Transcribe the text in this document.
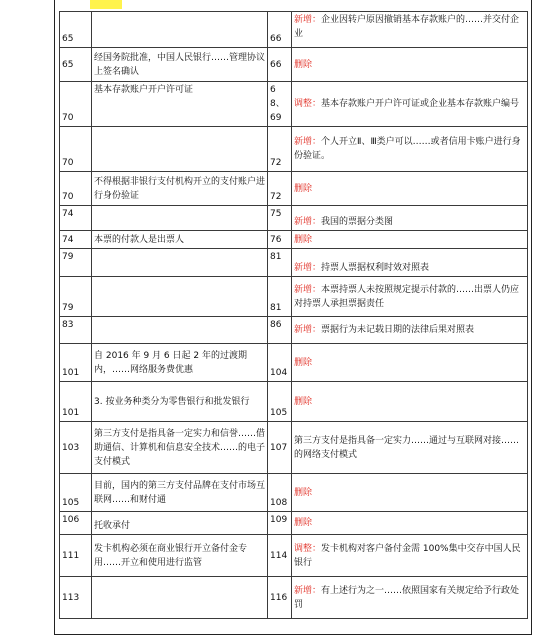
65		66	新增：企业因转户原因撤销基本存款账户的……并交付企业
65	经国务院批准，中国人民银行……管理协议上签名确认	66	删除
70	基本存款账户开户许可证	68、69	调整：基本存款账户开户许可证或企业基本存款账户编号
70		72	新增：个人开立Ⅱ、Ⅲ类户可以……或者信用卡账户进行身份验证。
70	不得根据非银行支付机构开立的支付账户进行身份验证	72	删除
74		75	新增：我国的票据分类图
74	本票的付款人是出票人	76	删除
79		81	新增：持票人票据权利时效对照表
79		81	新增：本票持票人未按照规定提示付款的……出票人仍应对持票人承担票据责任
83		86	新增：票据行为未记载日期的法律后果对照表
101	自 2016 年 9 月 6 日起 2 年的过渡期内，……网络服务费优惠	104	删除
101	3. 按业务种类分为零售银行和批发银行	105	删除
103	第三方支付是指具备一定实力和信誉……借助通信、计算机和信息安全技术……的电子支付模式	107	第三方支付是指具备一定实力……通过与互联网对接……的网络支付模式
105	目前，国内的第三方支付品牌在支付市场互联网……和财付通	108	删除
106	托收承付	109	删除
111	发卡机构必须在商业银行开立备付金专用……开立和使用进行监管	114	调整：发卡机构对客户备付金需 100%集中交存中国人民银行
113		116	新增：有上述行为之一……依照国家有关规定给予行政处罚
